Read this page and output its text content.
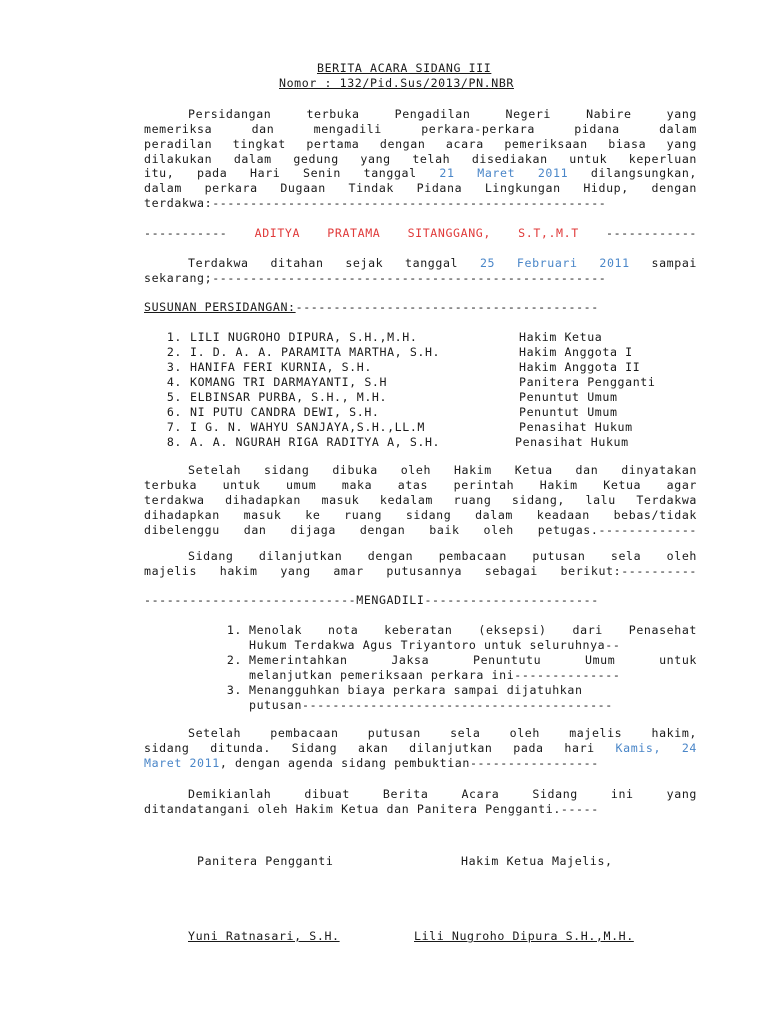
BERITA ACARA SIDANG III
Nomor : 132/Pid.Sus/2013/PN.NBR
Persidangan terbuka Pengadilan Negeri Nabire yang
memeriksa dan mengadili perkara-perkara pidana dalam
peradilan tingkat pertama dengan acara pemeriksaan biasa yang
dilakukan dalam gedung yang telah disediakan untuk keperluan
itu, pada Hari Senin tanggal 21 Maret 2011 dilangsungkan,
dalam perkara Dugaan Tindak Pidana Lingkungan Hidup, dengan
terdakwa:----------------------------------------------------
----------- ADITYA PRATAMA SITANGGANG, S.T,.M.T ------------
Terdakwa ditahan sejak tanggal 25 Februari 2011 sampai
sekarang;----------------------------------------------------
SUSUNAN PERSIDANGAN:----------------------------------------
1. LILI NUGROHO DIPURA, S.H.,M.H.	Hakim Ketua
2. I. D. A. A. PARAMITA MARTHA, S.H.	Hakim Anggota I
3. HANIFA FERI KURNIA, S.H.	Hakim Anggota II
4. KOMANG TRI DARMAYANTI, S.H	Panitera Pengganti
5. ELBINSAR PURBA, S.H., M.H.	Penuntut Umum
6. NI PUTU CANDRA DEWI, S.H.	Penuntut Umum
7. I G. N. WAHYU SANJAYA,S.H.,LL.M	Penasihat Hukum
8. A. A. NGURAH RIGA RADITYA A, S.H.	Penasihat Hukum
Setelah sidang dibuka oleh Hakim Ketua dan dinyatakan
terbuka untuk umum maka atas perintah Hakim Ketua agar
terdakwa dihadapkan masuk kedalam ruang sidang, lalu Terdakwa
dihadapkan masuk ke ruang sidang dalam keadaan bebas/tidak
dibelenggu dan dijaga dengan baik oleh petugas.-------------
Sidang dilanjutkan dengan pembacaan putusan sela oleh
majelis hakim yang amar putusannya sebagai berikut:----------
----------------------------MENGADILI-----------------------
1. Menolak nota keberatan (eksepsi) dari Penasehat
Hukum Terdakwa Agus Triyantoro untuk seluruhnya--
2. Memerintahkan Jaksa Penuntutu Umum untuk
melanjutkan pemeriksaan perkara ini--------------
3. Menangguhkan biaya perkara sampai dijatuhkan
putusan-----------------------------------------
Setelah pembacaan putusan sela oleh majelis hakim,
sidang ditunda. Sidang akan dilanjutkan pada hari Kamis, 24
Maret 2011, dengan agenda sidang pembuktian-----------------
Demikianlah dibuat Berita Acara Sidang ini yang
ditandatangani oleh Hakim Ketua dan Panitera Pengganti.-----
Panitera Pengganti	Hakim Ketua Majelis,
Yuni Ratnasari, S.H.	Lili Nugroho Dipura S.H.,M.H.
